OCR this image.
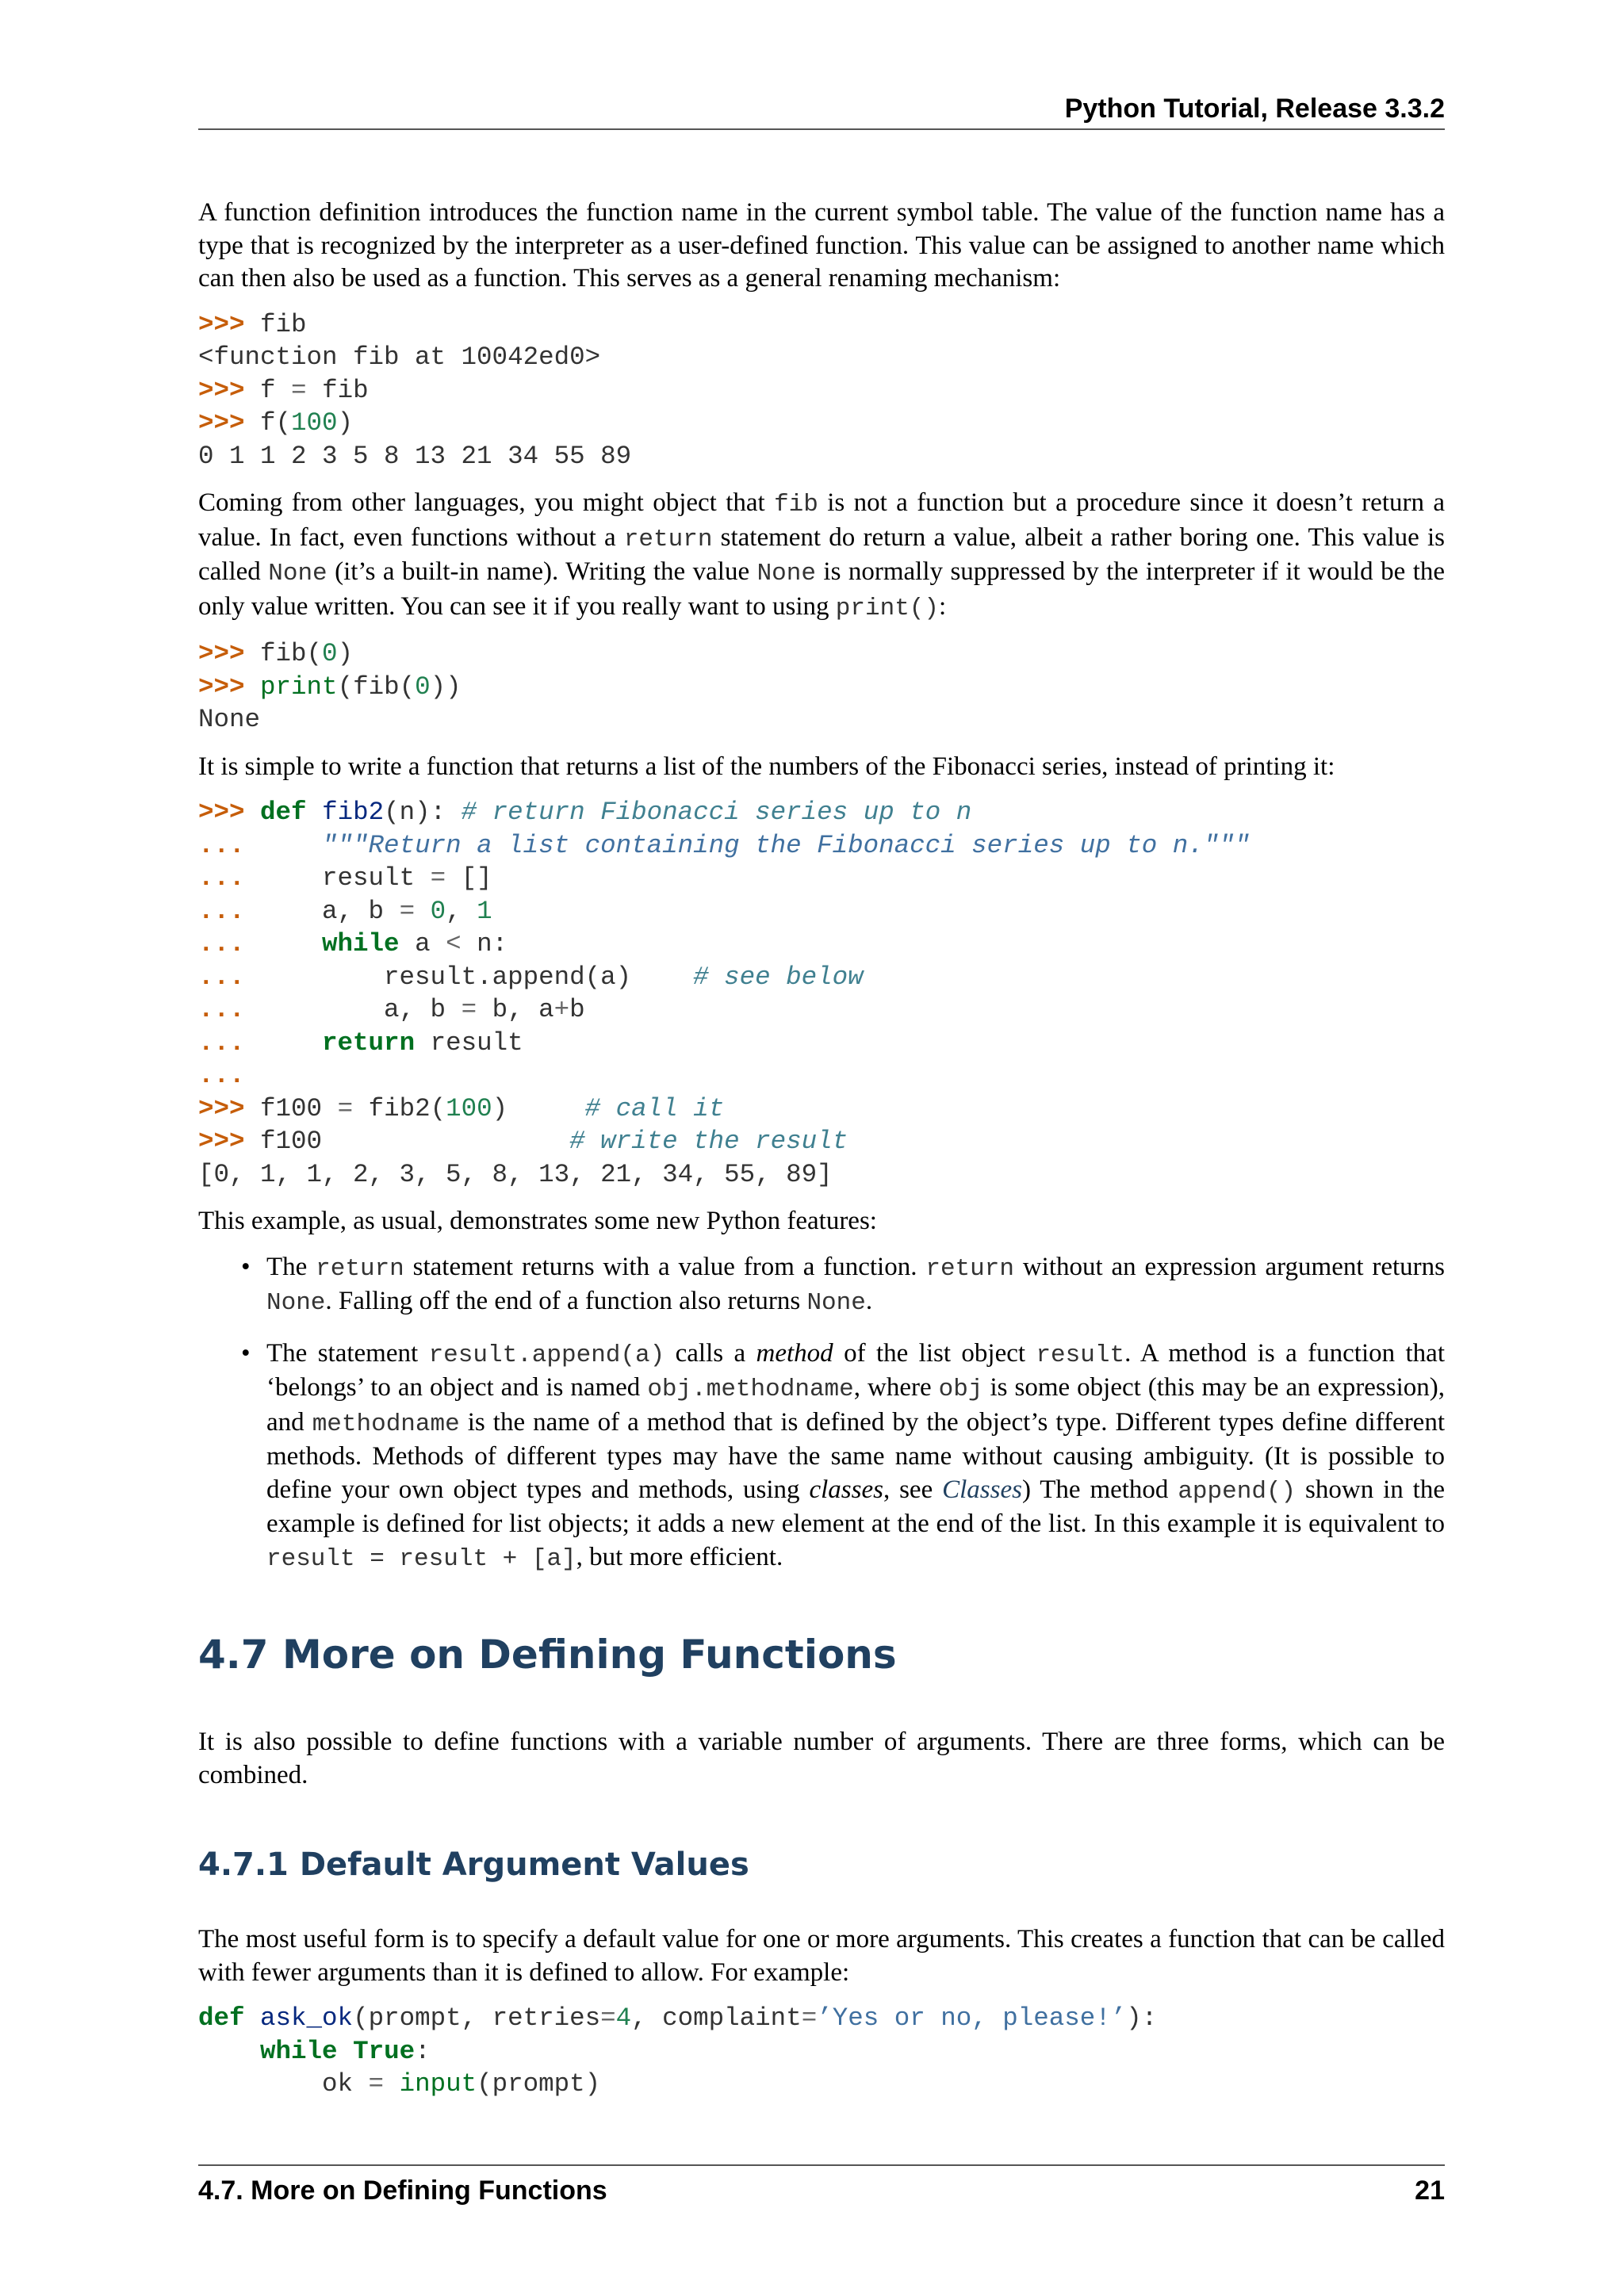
Python Tutorial, Release 3.3.2

A function definition introduces the function name in the current symbol table. The value of the function name has a type that is recognized by the interpreter as a user-defined function. This value can be assigned to another name which can then also be used as a function. This serves as a general renaming mechanism:

>>> fib
<function fib at 10042ed0>
>>> f = fib
>>> f(100)
0 1 1 2 3 5 8 13 21 34 55 89

Coming from other languages, you might object that fib is not a function but a procedure since it doesn’t return a value. In fact, even functions without a return statement do return a value, albeit a rather boring one. This value is called None (it’s a built-in name). Writing the value None is normally suppressed by the interpreter if it would be the only value written. You can see it if you really want to using print():

>>> fib(0)
>>> print(fib(0))
None

It is simple to write a function that returns a list of the numbers of the Fibonacci series, instead of printing it:

>>> def fib2(n): # return Fibonacci series up to n
...	"""Return a list containing the Fibonacci series up to n."""
...	result = []
...	a, b = 0, 1
...	while a < n:
...	result.append(a) # see below
...	a, b = b, a+b
...	return result
...
>>> f100 = fib2(100)	# call it
>>> f100	# write the result
[0, 1, 1, 2, 3, 5, 8, 13, 21, 34, 55, 89]

This example, as usual, demonstrates some new Python features:

• The return statement returns with a value from a function. return without an expression argument returns None. Falling off the end of a function also returns None.
• The statement result.append(a) calls a method of the list object result. A method is a function that ‘belongs’ to an object and is named obj.methodname, where obj is some object (this may be an expression), and methodname is the name of a method that is defined by the object’s type. Different types define different methods. Methods of different types may have the same name without causing ambiguity. (It is possible to define your own object types and methods, using classes, see Classes) The method append() shown in the example is defined for list objects; it adds a new element at the end of the list. In this example it is equivalent to result = result + [a], but more efficient.
4.7 More on Defining Functions

It is also possible to define functions with a variable number of arguments. There are three forms, which can be combined.

4.7.1 Default Argument Values

The most useful form is to specify a default value for one or more arguments. This creates a function that can be called with fewer arguments than it is defined to allow. For example:

def ask_ok(prompt, retries=4, complaint=’Yes or no, please!’):
while True:
ok = input(prompt)
4.7. More on Defining Functions	21
